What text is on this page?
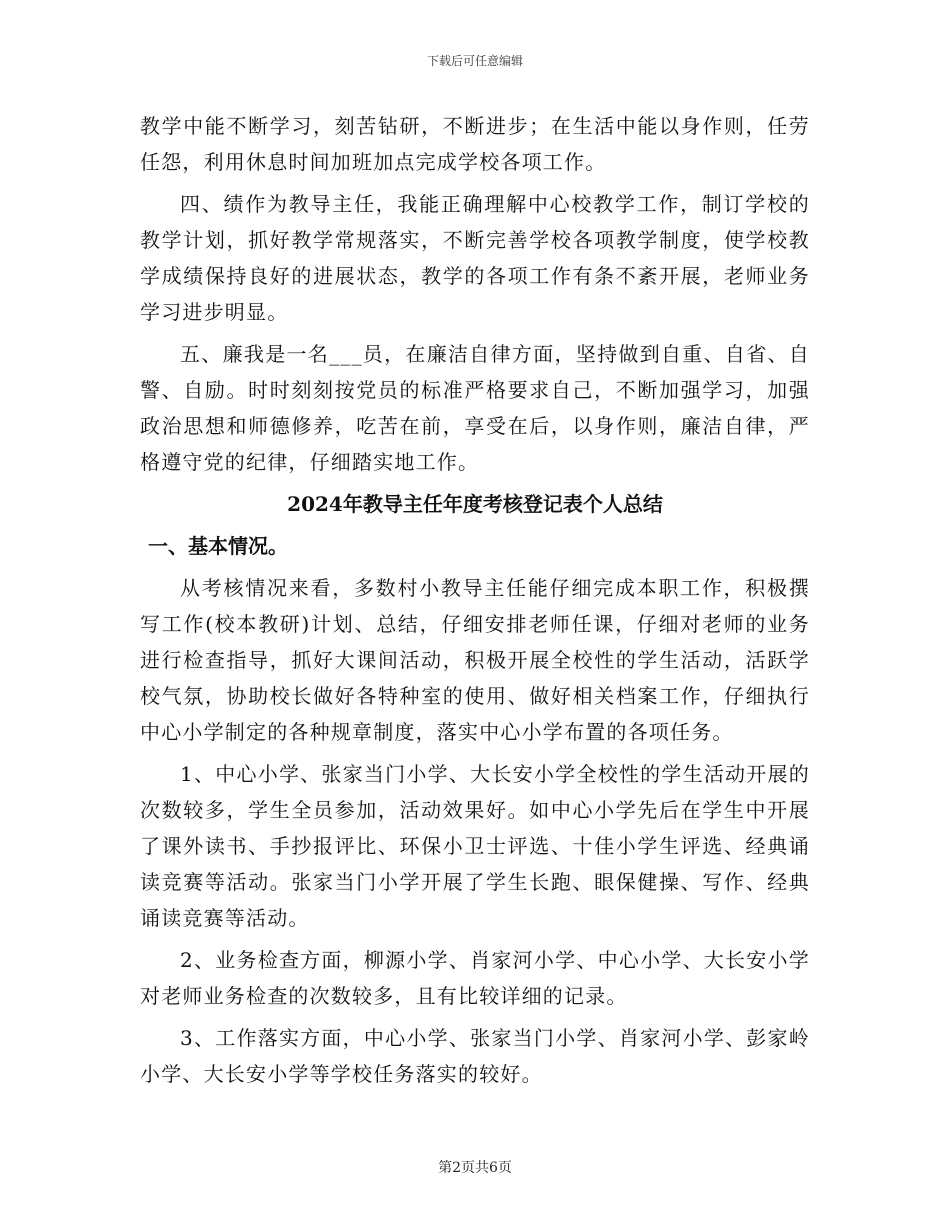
下载后可任意编辑

教学中能不断学习，刻苦钻研，不断进步；在生活中能以身作则，任劳任怨，利用休息时间加班加点完成学校各项工作。

四、绩作为教导主任，我能正确理解中心校教学工作，制订学校的教学计划，抓好教学常规落实，不断完善学校各项教学制度，使学校教学成绩保持良好的进展状态，教学的各项工作有条不紊开展，老师业务学习进步明显。

五、廉我是一名___员，在廉洁自律方面，坚持做到自重、自省、自警、自励。时时刻刻按党员的标准严格要求自己，不断加强学习，加强政治思想和师德修养，吃苦在前，享受在后，以身作则，廉洁自律，严格遵守党的纪律，仔细踏实地工作。

2024年教导主任年度考核登记表个人总结
一、基本情况。

从考核情况来看，多数村小教导主任能仔细完成本职工作，积极撰写工作(校本教研)计划、总结，仔细安排老师任课，仔细对老师的业务进行检查指导，抓好大课间活动，积极开展全校性的学生活动，活跃学校气氛，协助校长做好各特种室的使用、做好相关档案工作，仔细执行中心小学制定的各种规章制度，落实中心小学布置的各项任务。

1、中心小学、张家当门小学、大长安小学全校性的学生活动开展的次数较多，学生全员参加，活动效果好。如中心小学先后在学生中开展了课外读书、手抄报评比、环保小卫士评选、十佳小学生评选、经典诵读竞赛等活动。张家当门小学开展了学生长跑、眼保健操、写作、经典诵读竞赛等活动。

2、业务检查方面，柳源小学、肖家河小学、中心小学、大长安小学对老师业务检查的次数较多，且有比较详细的记录。

3、工作落实方面，中心小学、张家当门小学、肖家河小学、彭家岭小学、大长安小学等学校任务落实的较好。

第2页共6页
